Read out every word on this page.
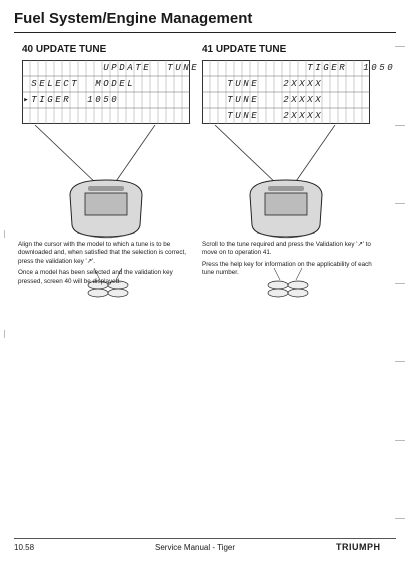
Fuel System/Engine Management
40 UPDATE TUNE
U P D A T E T U N E
S E L E C T M O D E L
▸ T I G E R 1 0 5 0

Align the cursor with the model to which a tune is to be downloaded and, when satisfied that the selection is correct, press the validation key '↗'.

Once a model has been selected and the validation key pressed, screen 40 will be displayed.

41 UPDATE TUNE
T I G E R 1 0 5 0
T U N E	2 X X X X
T U N E	2 X X X X
T U N E	2 X X X X

Scroll to the tune required and press the Validation key '↗' to move on to operation 41.

Press the help key for information on the applicability of each tune number.

10.58	Service Manual - Tiger	TRIUMPH
